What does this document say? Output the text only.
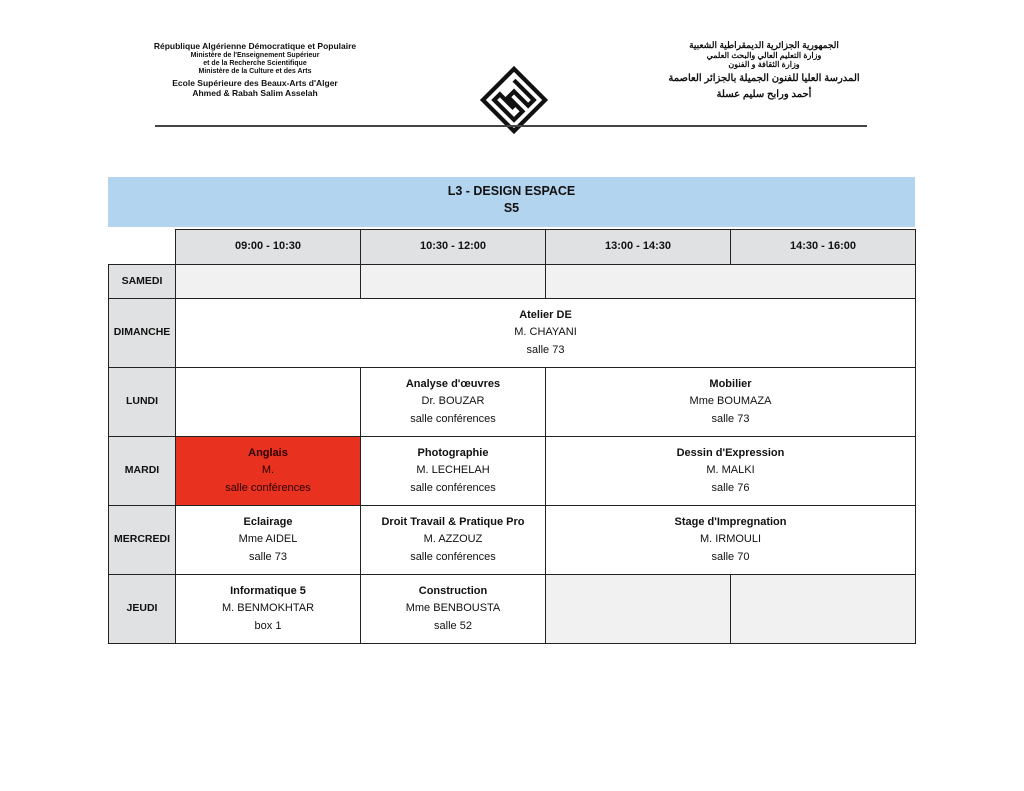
République Algérienne Démocratique et Populaire
Ministère de l'Enseignement Supérieur
et de la Recherche Scientifique
Ministère de la Culture et des Arts
Ecole Supérieure des Beaux-Arts d'Alger
Ahmed & Rabah Salim Asselah
الجمهورية الجزائرية الديمقراطية الشعبية
وزارة التعليم العالي والبحث العلمي
وزارة الثقافة و الفنون
المدرسة العليا للفنون الجميلة بالجزائر العاصمة
أحمد ورابح سليم عسلة
L3 - DESIGN ESPACE
S5
	09:00 - 10:30	10:30 - 12:00	13:00 - 14:30	14:30 - 16:00
SAMEDI				
DIMANCHE	Atelier DE
M. CHAYANI
salle 73			

LUNDI		Analyse d'œuvres
Dr. BOUZAR
salle conférences	Mobilier
Mme BOUMAZA
salle 73	

MARDI	Anglais
M.
salle conférences	Photographie
M. LECHELAH
salle conférences	Dessin d'Expression
M. MALKI
salle 76	

MERCREDI	Eclairage
Mme AIDEL
salle 73	Droit Travail & Pratique Pro
M. AZZOUZ
salle conférences	Stage d'Impregnation
M. IRMOULI
salle 70	

JEUDI	Informatique 5
M. BENMOKHTAR
box 1	Construction
Mme BENBOUSTA
salle 52		
